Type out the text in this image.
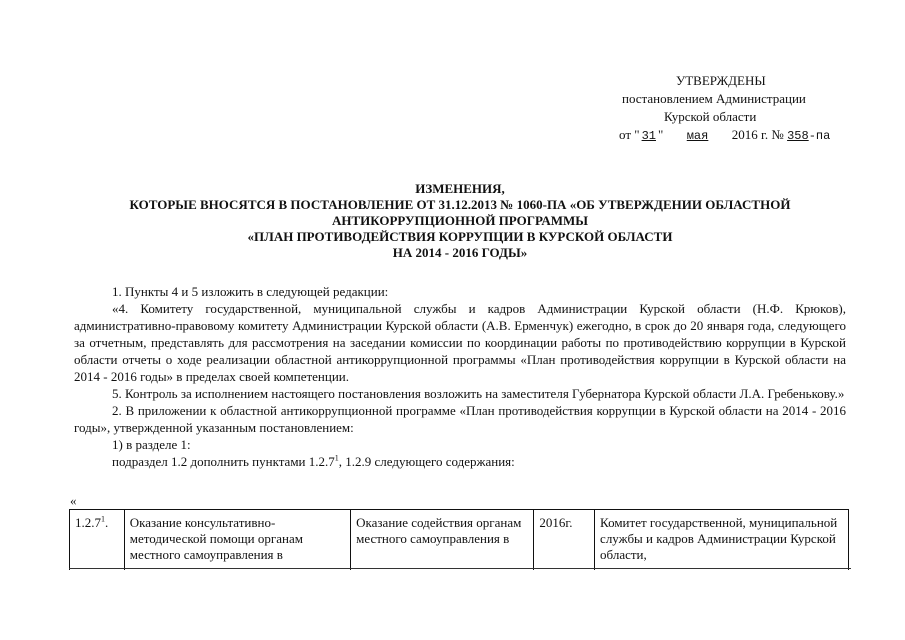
УТВЕРЖДЕНЫ
постановлением Администрации
Курской области
от " 31 " мая 2016 г. № 358-па
ИЗМЕНЕНИЯ,
КОТОРЫЕ ВНОСЯТСЯ В ПОСТАНОВЛЕНИЕ ОТ 31.12.2013 № 1060-ПА «ОБ УТВЕРЖДЕНИИ ОБЛАСТНОЙ
АНТИКОРРУПЦИОННОЙ ПРОГРАММЫ
«ПЛАН ПРОТИВОДЕЙСТВИЯ КОРРУПЦИИ В КУРСКОЙ ОБЛАСТИ
НА 2014 - 2016 ГОДЫ»

1. Пункты 4 и 5 изложить в следующей редакции:

«4. Комитету государственной, муниципальной службы и кадров Администрации Курской области (Н.Ф. Крюков), административно-правовому комитету Администрации Курской области (А.В. Ерменчук) ежегодно, в срок до 20 января года, следующего за отчетным, представлять для рассмотрения на заседании комиссии по координации работы по противодействию коррупции в Курской области отчеты о ходе реализации областной антикоррупционной программы «План противодействия коррупции в Курской области на 2014 - 2016 годы» в пределах своей компетенции.

5. Контроль за исполнением настоящего постановления возложить на заместителя Губернатора Курской области Л.А. Гребенькову.»

2. В приложении к областной антикоррупционной программе «План противодействия коррупции в Курской области на 2014 - 2016 годы», утвержденной указанным постановлением:

1) в разделе 1:

подраздел 1.2 дополнить пунктами 1.2.7$^1$, 1.2.9 следующего содержания:

«
1.2.7$^1$.	Оказание консультативно-методической помощи органам местного самоуправления в	Оказание содействия органам местного самоуправления в	2016г.	Комитет государственной, муниципальной службы и кадров Администрации Курской области,
